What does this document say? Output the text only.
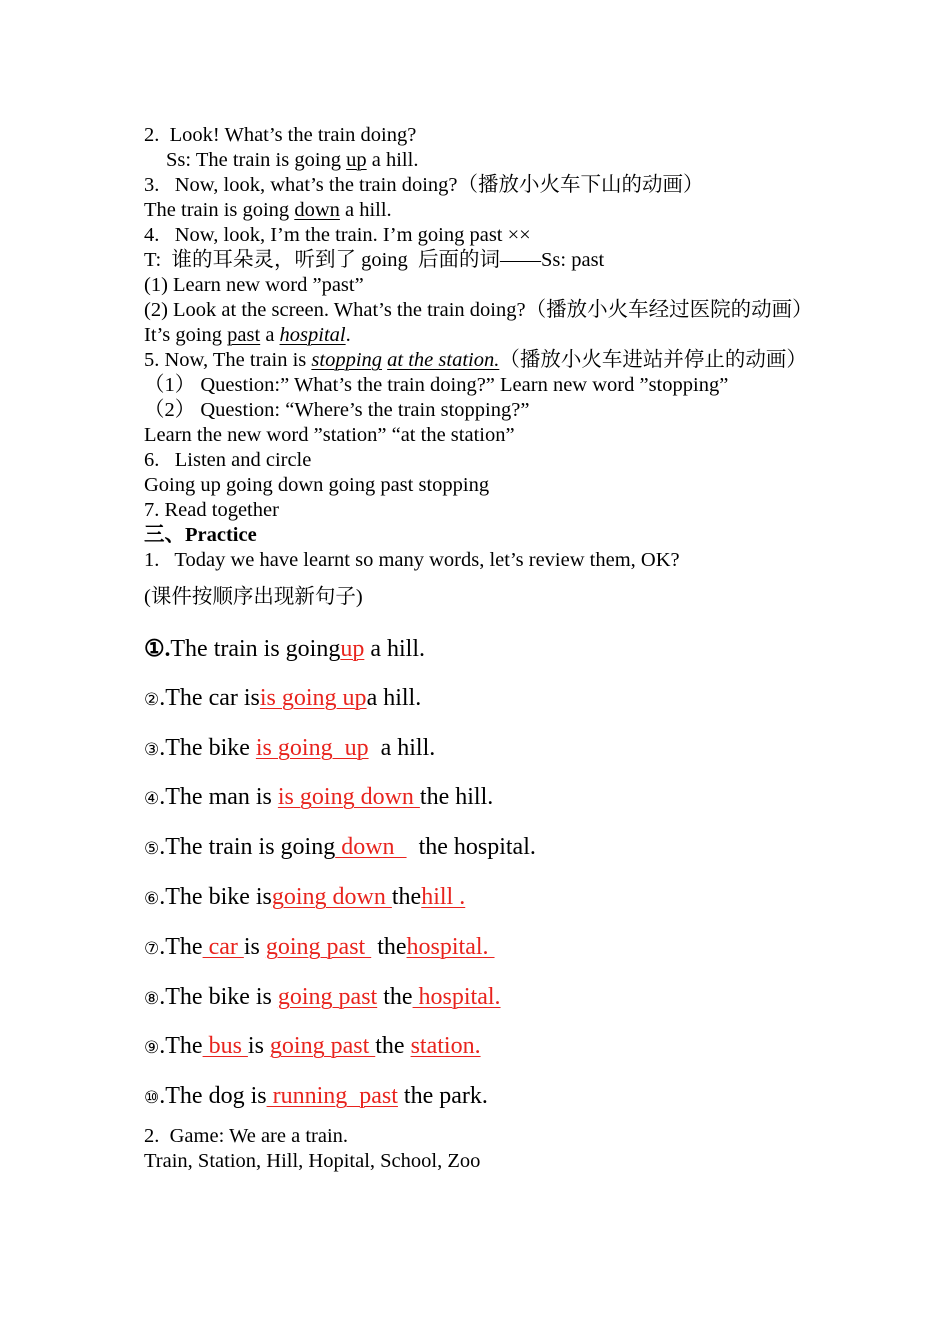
2.  Look! What’s the train doing?
Ss: The train is going up a hill.
3.   Now, look, what’s the train doing?（播放小火车下山的动画）
The train is going down a hill.
4.   Now, look, I’m the train. I’m going past ××
T:  谁的耳朵灵，听到了 going  后面的词——Ss: past
(1) Learn new word ”past”
(2) Look at the screen. What’s the train doing?（播放小火车经过医院的动画）
It’s going past a hospital.
5. Now, The train is stopping at the station.（播放小火车进站并停止的动画）
（1） Question:” What’s the train doing?” Learn new word ”stopping”
（2） Question: “Where’s the train stopping?”
Learn the new word ”station” “at the station”
6.   Listen and circle
Going up going down going past stopping
7. Read together
三、Practice
1.   Today we have learnt so many words, let’s review them, OK?
(课件按顺序出现新句子)
①.The train is goingup a hill.
②.The car isis going upa hill.
③.The bike is going  up  a hill.
④.The man is is going down the hill.
⑤.The train is going down    the hospital.
⑥.The bike isgoing down thehill .
⑦.The car is going past  thehospital.
⑧.The bike is going past the hospital.
⑨.The bus is going past the station.
⑩.The dog is running  past the park.
2.  Game: We are a train.
Train, Station, Hill, Hopital, School, Zoo
